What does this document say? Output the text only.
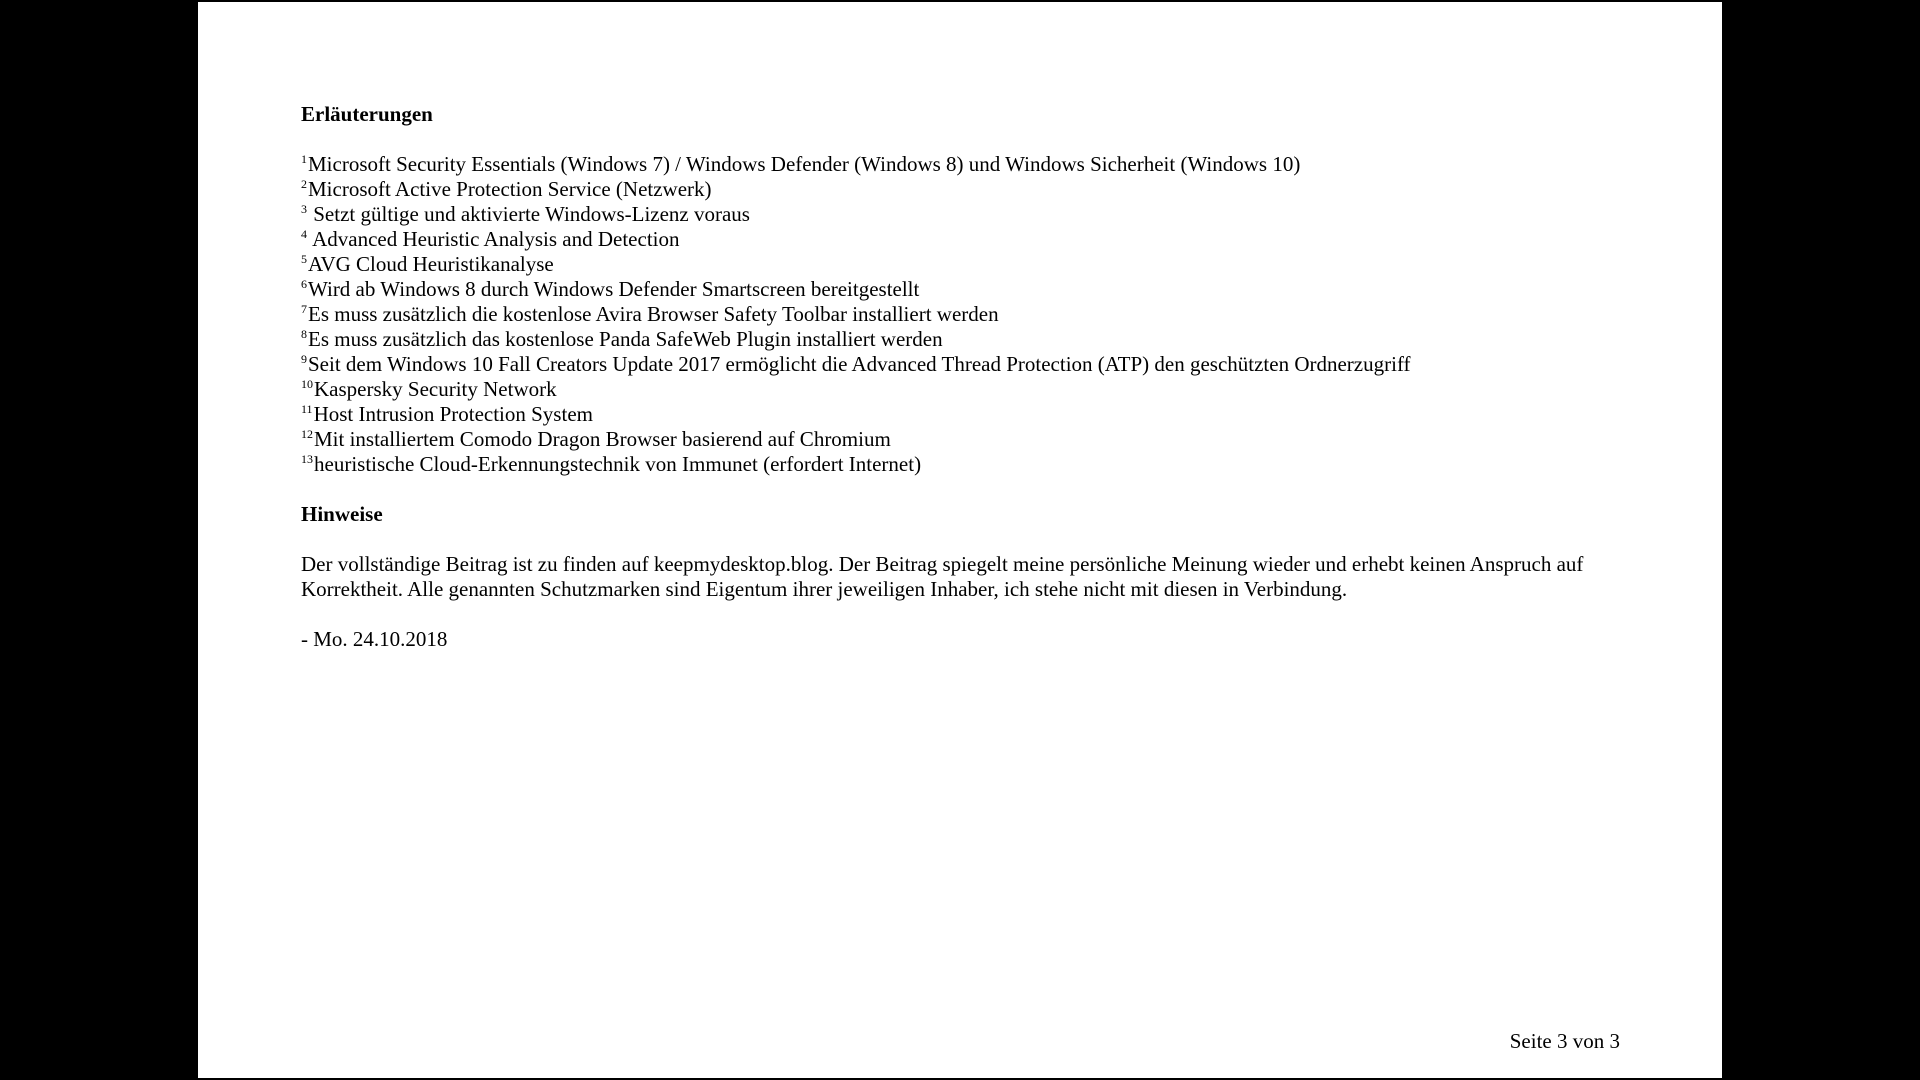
Erläuterungen
$^1$Microsoft Security Essentials (Windows 7) / Windows Defender (Windows 8) und Windows Sicherheit (Windows 10)
$^2$Microsoft Active Protection Service (Netzwerk)
$^3$ Setzt gültige und aktivierte Windows-Lizenz voraus
$^4$ Advanced Heuristic Analysis and Detection
$^5$AVG Cloud Heuristikanalyse
$^6$Wird ab Windows 8 durch Windows Defender Smartscreen bereitgestellt
$^7$Es muss zusätzlich die kostenlose Avira Browser Safety Toolbar installiert werden
$^8$Es muss zusätzlich das kostenlose Panda SafeWeb Plugin installiert werden
$^9$Seit dem Windows 10 Fall Creators Update 2017 ermöglicht die Advanced Thread Protection (ATP) den geschützten Ordnerzugriff
$^{10}$Kaspersky Security Network
$^{11}$Host Intrusion Protection System
$^{12}$Mit installiertem Comodo Dragon Browser basierend auf Chromium
$^{13}$heuristische Cloud-Erkennungstechnik von Immunet (erfordert Internet)
Hinweise

Der vollständige Beitrag ist zu finden auf keepmydesktop.blog. Der Beitrag spiegelt meine persönliche Meinung wieder und erhebt keinen Anspruch auf Korrektheit. Alle genannten Schutzmarken sind Eigentum ihrer jeweiligen Inhaber, ich stehe nicht mit diesen in Verbindung.

- Mo. 24.10.2018

Seite 3 von 3
